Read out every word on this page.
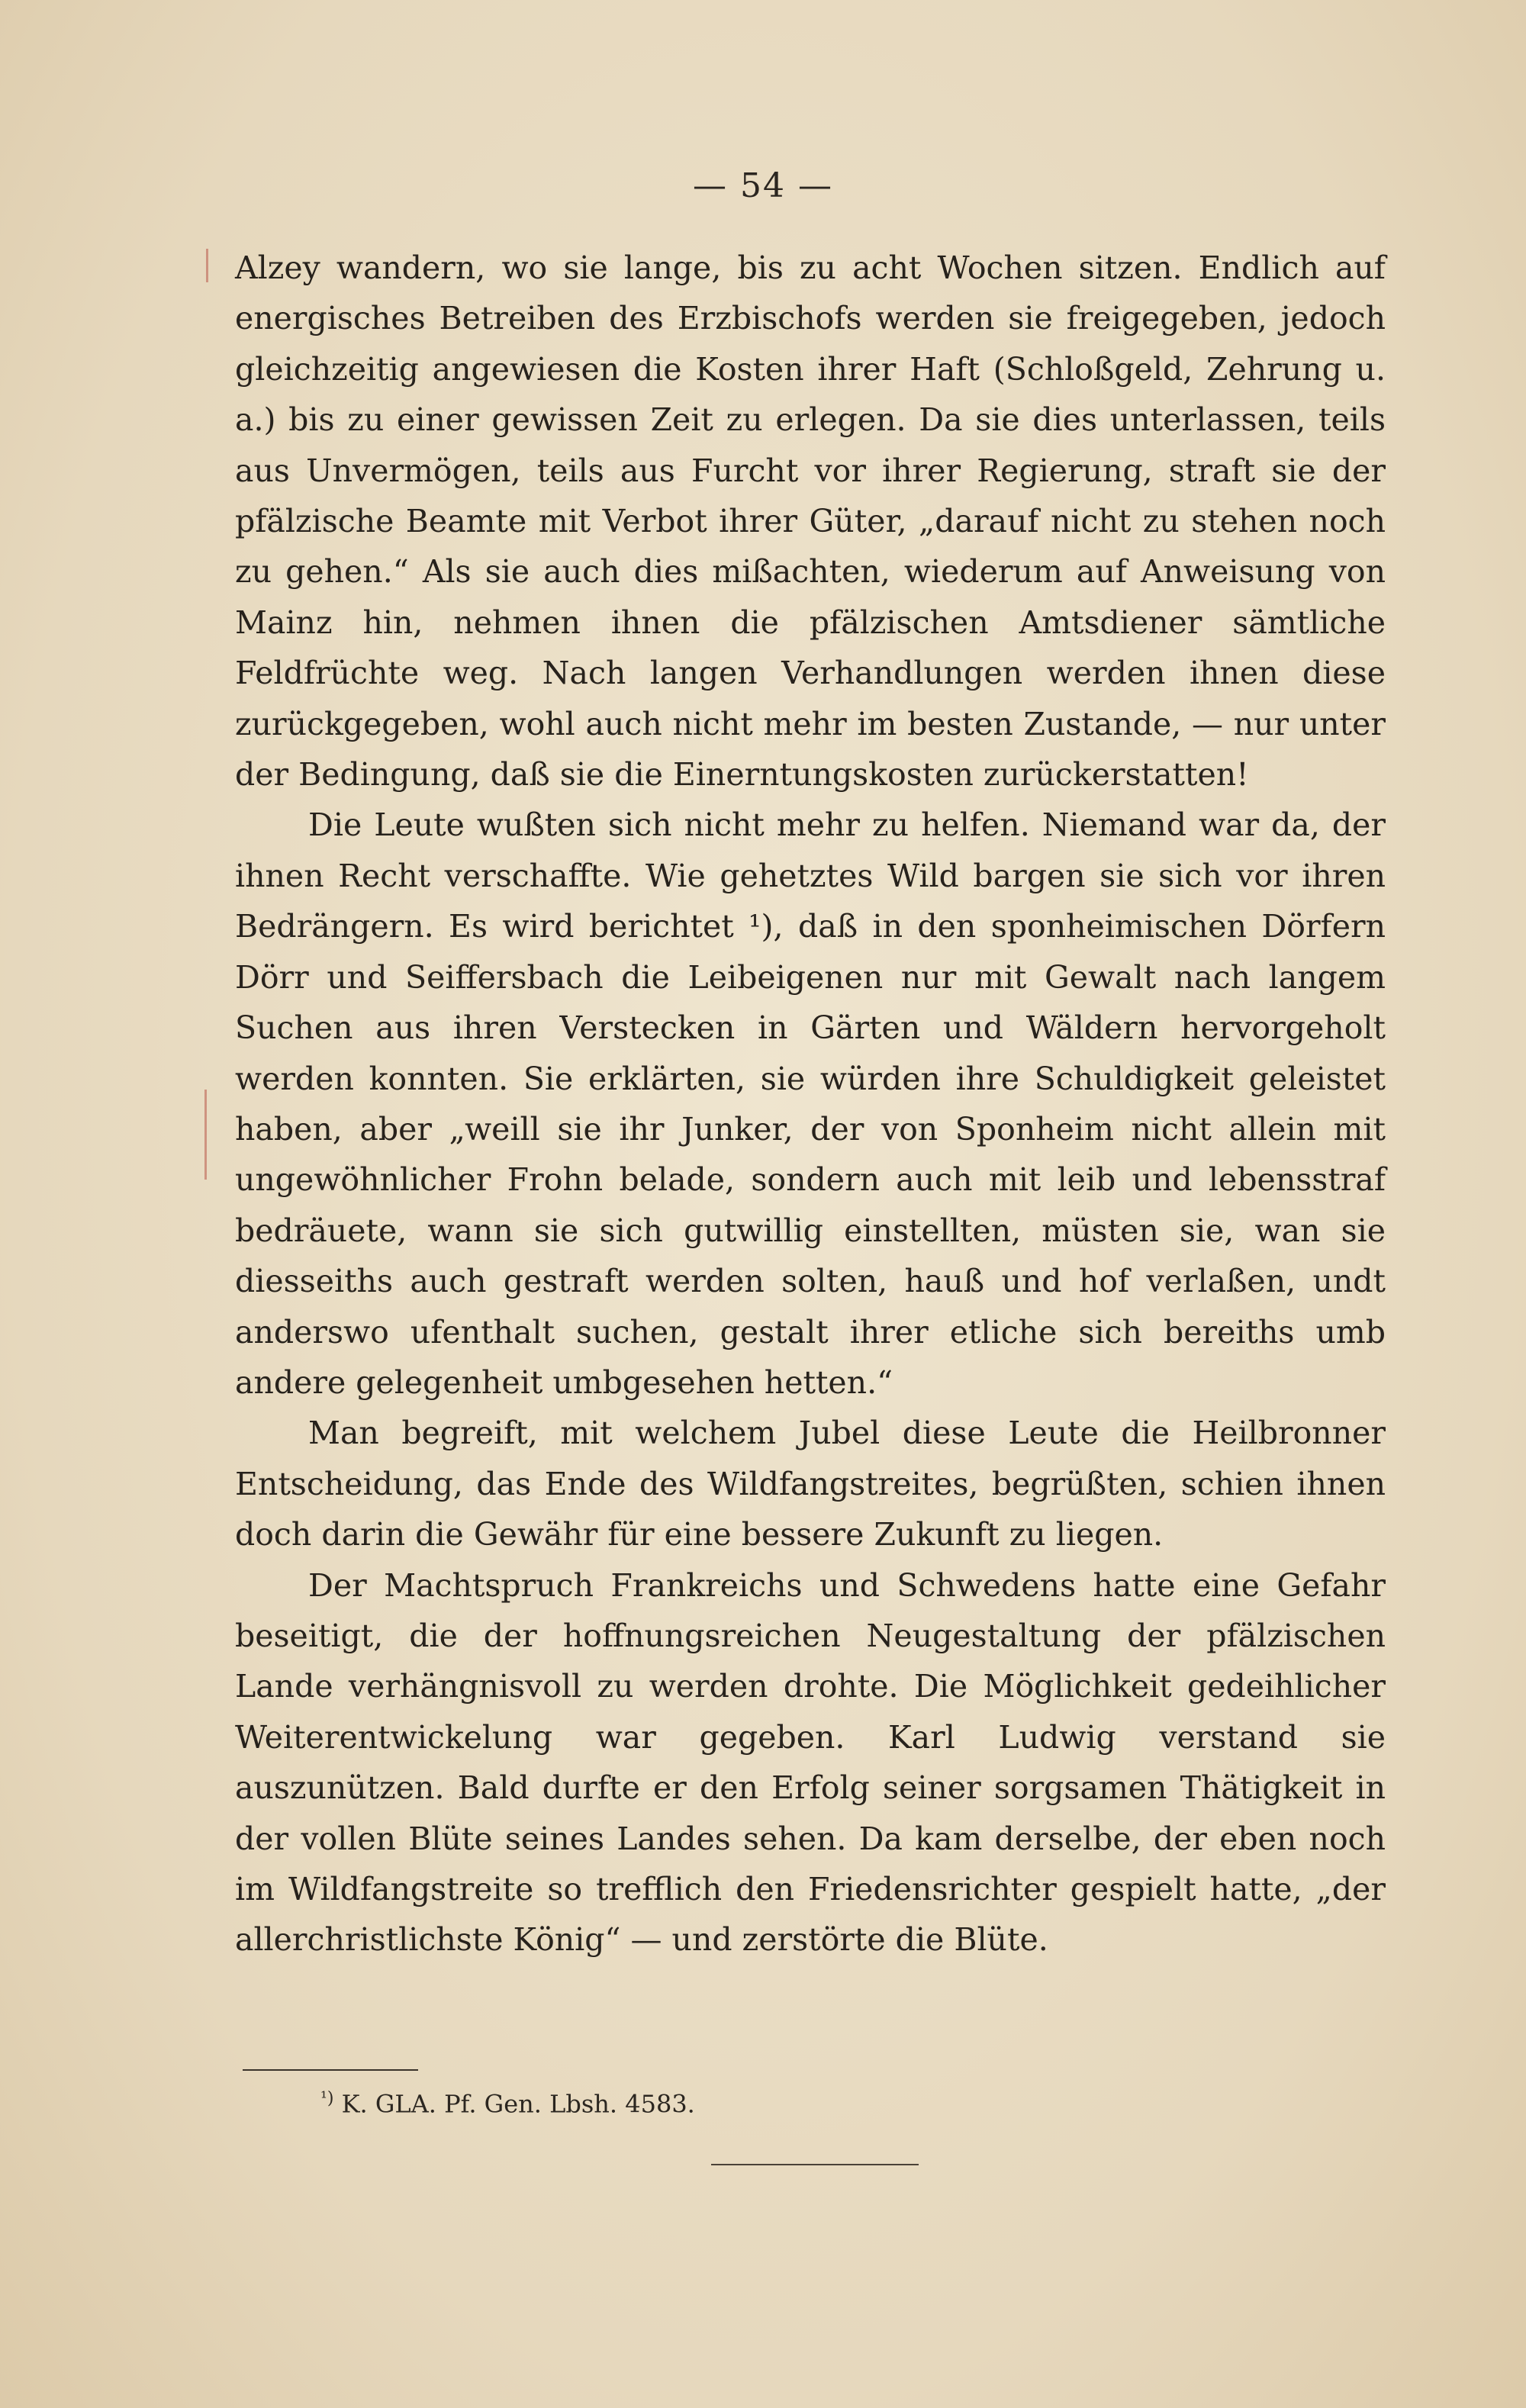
— 54 —

Alzey wandern, wo sie lange, bis zu acht Wochen sitzen. Endlich auf energisches Betreiben des Erzbischofs werden sie freigegeben, jedoch gleichzeitig angewiesen die Kosten ihrer Haft (Schloßgeld, Zehrung u. a.) bis zu einer gewissen Zeit zu erlegen. Da sie dies unterlassen, teils aus Unvermögen, teils aus Furcht vor ihrer Regierung, straft sie der pfälzische Beamte mit Verbot ihrer Güter, „darauf nicht zu stehen noch zu gehen.“ Als sie auch dies mißachten, wiederum auf Anweisung von Mainz hin, nehmen ihnen die pfälzischen Amtsdiener sämtliche Feldfrüchte weg. Nach langen Verhandlungen werden ihnen diese zurückgegeben, wohl auch nicht mehr im besten Zustande, — nur unter der Bedingung, daß sie die Einerntungskosten zurückerstatten!

Die Leute wußten sich nicht mehr zu helfen. Niemand war da, der ihnen Recht verschaffte. Wie gehetztes Wild bargen sie sich vor ihren Bedrängern. Es wird berichtet ¹), daß in den sponheimischen Dörfern Dörr und Seiffersbach die Leibeigenen nur mit Gewalt nach langem Suchen aus ihren Verstecken in Gärten und Wäldern hervorgeholt werden konnten. Sie erklärten, sie würden ihre Schuldigkeit geleistet haben, aber „weill sie ihr Junker, der von Sponheim nicht allein mit ungewöhnlicher Frohn belade, sondern auch mit leib und lebensstraf bedräuete, wann sie sich gutwillig einstellten, müsten sie, wan sie diesseiths auch gestraft werden solten, hauß und hof verlaßen, undt anderswo ufenthalt suchen, gestalt ihrer etliche sich bereiths umb andere gelegenheit umbgesehen hetten.“

Man begreift, mit welchem Jubel diese Leute die Heilbronner Entscheidung, das Ende des Wildfangstreites, begrüßten, schien ihnen doch darin die Gewähr für eine bessere Zukunft zu liegen.

Der Machtspruch Frankreichs und Schwedens hatte eine Gefahr beseitigt, die der hoffnungsreichen Neugestaltung der pfälzischen Lande verhängnisvoll zu werden drohte. Die Möglichkeit gedeihlicher Weiterentwickelung war gegeben. Karl Ludwig verstand sie auszunützen. Bald durfte er den Erfolg seiner sorgsamen Thätigkeit in der vollen Blüte seines Landes sehen. Da kam derselbe, der eben noch im Wildfangstreite so trefflich den Friedensrichter gespielt hatte, „der allerchristlichste König“ — und zerstörte die Blüte.

$^{^1)}$ K. GLA. Pf. Gen. Lbsh. 4583.
